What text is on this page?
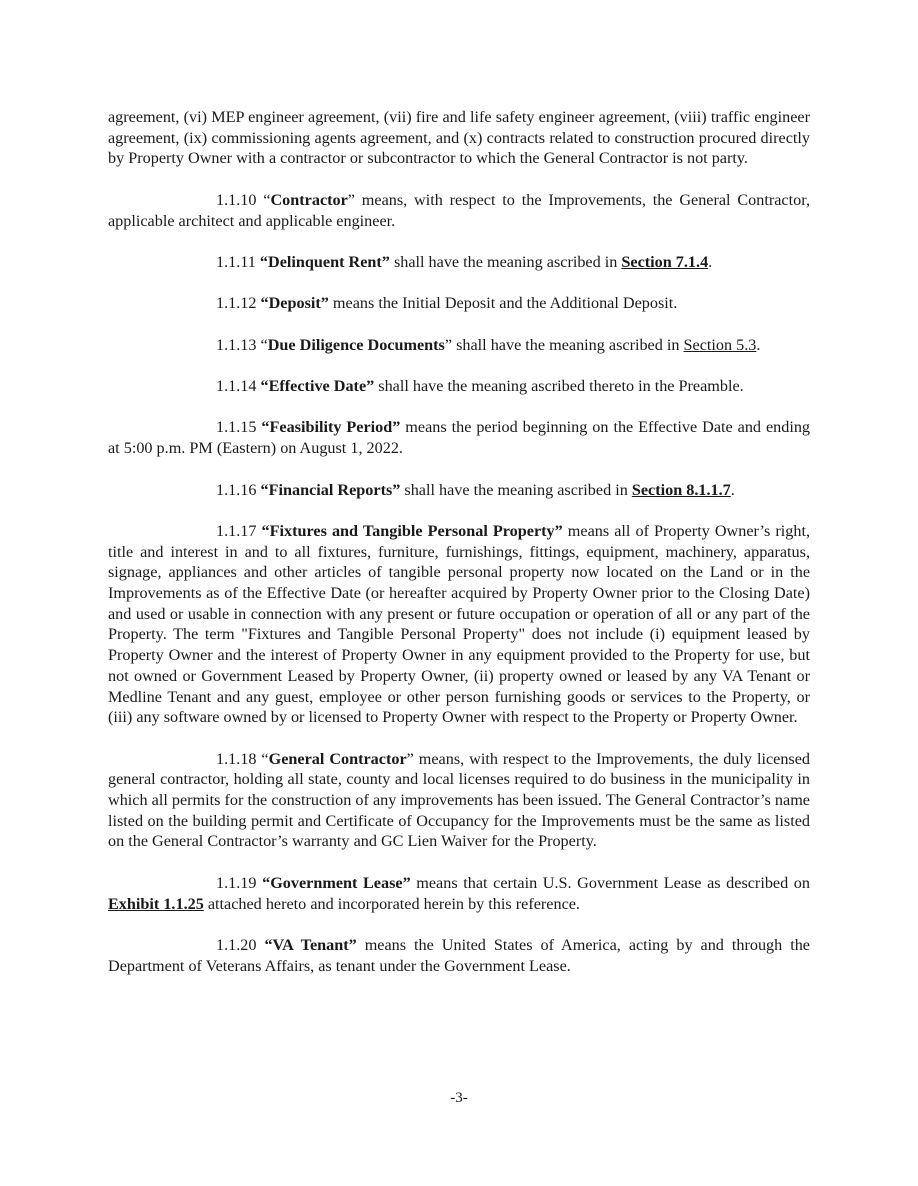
agreement, (vi) MEP engineer agreement, (vii) fire and life safety engineer agreement, (viii) traffic engineer agreement, (ix) commissioning agents agreement, and (x) contracts related to construction procured directly by Property Owner with a contractor or subcontractor to which the General Contractor is not party.

1.1.10 “Contractor” means, with respect to the Improvements, the General Contractor, applicable architect and applicable engineer.

1.1.11 “Delinquent Rent” shall have the meaning ascribed in Section 7.1.4.

1.1.12 “Deposit” means the Initial Deposit and the Additional Deposit.

1.1.13 “Due Diligence Documents” shall have the meaning ascribed in Section 5.3.

1.1.14 “Effective Date” shall have the meaning ascribed thereto in the Preamble.

1.1.15 “Feasibility Period” means the period beginning on the Effective Date and ending at 5:00 p.m. PM (Eastern) on August 1, 2022.

1.1.16 “Financial Reports” shall have the meaning ascribed in Section 8.1.1.7.

1.1.17 “Fixtures and Tangible Personal Property” means all of Property Owner’s right, title and interest in and to all fixtures, furniture, furnishings, fittings, equipment, machinery, apparatus, signage, appliances and other articles of tangible personal property now located on the Land or in the Improvements as of the Effective Date (or hereafter acquired by Property Owner prior to the Closing Date) and used or usable in connection with any present or future occupation or operation of all or any part of the Property. The term "Fixtures and Tangible Personal Property" does not include (i) equipment leased by Property Owner and the interest of Property Owner in any equipment provided to the Property for use, but not owned or Government Leased by Property Owner, (ii) property owned or leased by any VA Tenant or Medline Tenant and any guest, employee or other person furnishing goods or services to the Property, or (iii) any software owned by or licensed to Property Owner with respect to the Property or Property Owner.

1.1.18 “General Contractor” means, with respect to the Improvements, the duly licensed general contractor, holding all state, county and local licenses required to do business in the municipality in which all permits for the construction of any improvements has been issued. The General Contractor’s name listed on the building permit and Certificate of Occupancy for the Improvements must be the same as listed on the General Contractor’s warranty and GC Lien Waiver for the Property.

1.1.19 “Government Lease” means that certain U.S. Government Lease as described on Exhibit 1.1.25 attached hereto and incorporated herein by this reference.

1.1.20 “VA Tenant” means the United States of America, acting by and through the Department of Veterans Affairs, as tenant under the Government Lease.

-3-
